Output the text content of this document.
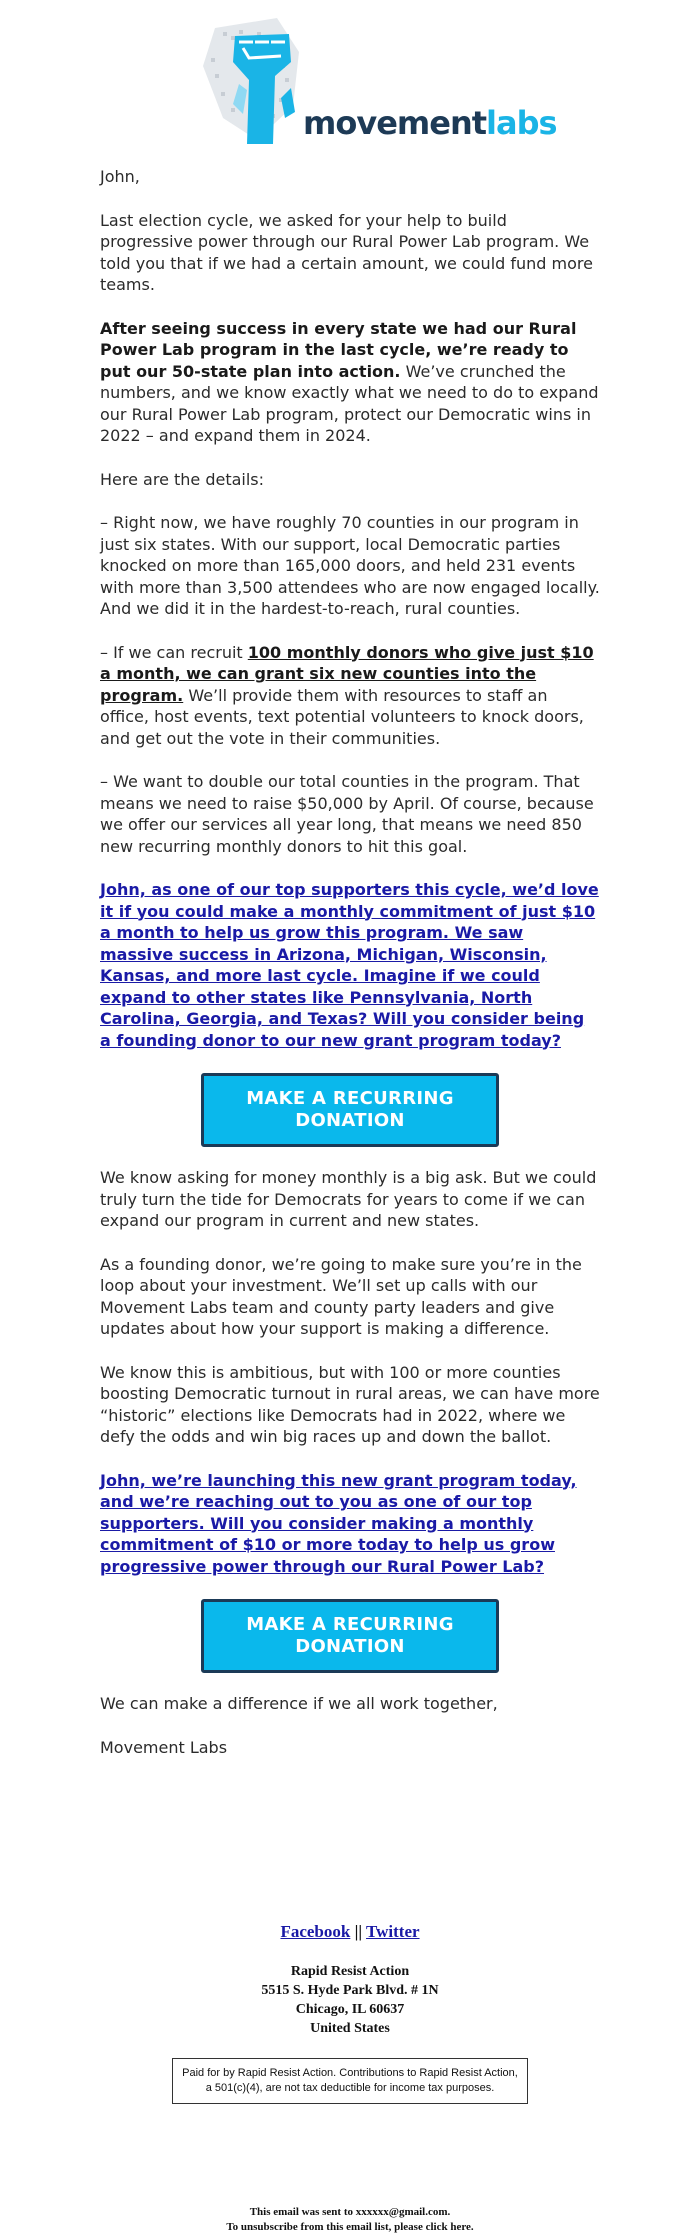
movementlabs

John,

Last election cycle, we asked for your help to build progressive power through our Rural Power Lab program. We told you that if we had a certain amount, we could fund more teams.

After seeing success in every state we had our Rural Power Lab program in the last cycle, we’re ready to put our 50-state plan into action. We’ve crunched the numbers, and we know exactly what we need to do to expand our Rural Power Lab program, protect our Democratic wins in 2022 – and expand them in 2024.

Here are the details:

– Right now, we have roughly 70 counties in our program in just six states. With our support, local Democratic parties knocked on more than 165,000 doors, and held 231 events with more than 3,500 attendees who are now engaged locally. And we did it in the hardest-to-reach, rural counties.

– If we can recruit 100 monthly donors who give just $10 a month, we can grant six new counties into the program. We’ll provide them with resources to staff an office, host events, text potential volunteers to knock doors, and get out the vote in their communities.

– We want to double our total counties in the program. That means we need to raise $50,000 by April. Of course, because we offer our services all year long, that means we need 850 new recurring monthly donors to hit this goal.

John, as one of our top supporters this cycle, we’d love it if you could make a monthly commitment of just $10 a month to help us grow this program. We saw massive success in Arizona, Michigan, Wisconsin, Kansas, and more last cycle. Imagine if we could expand to other states like Pennsylvania, North Carolina, Georgia, and Texas? Will you consider being a founding donor to our new grant program today?

MAKE A RECURRING DONATION

We know asking for money monthly is a big ask. But we could truly turn the tide for Democrats for years to come if we can expand our program in current and new states.

As a founding donor, we’re going to make sure you’re in the loop about your investment. We’ll set up calls with our Movement Labs team and county party leaders and give updates about how your support is making a difference.

We know this is ambitious, but with 100 or more counties boosting Democratic turnout in rural areas, we can have more “historic” elections like Democrats had in 2022, where we defy the odds and win big races up and down the ballot.

John, we’re launching this new grant program today, and we’re reaching out to you as one of our top supporters. Will you consider making a monthly commitment of $10 or more today to help us grow progressive power through our Rural Power Lab?

MAKE A RECURRING DONATION

We can make a difference if we all work together,

Movement Labs

Facebook || Twitter
Rapid Resist Action
5515 S. Hyde Park Blvd. # 1N
Chicago, IL 60637
United States
Paid for by Rapid Resist Action. Contributions to Rapid Resist Action, a 501(c)(4), are not tax deductible for income tax purposes.
This email was sent to xxxxxx@gmail.com.
To unsubscribe from this email list, please click here.
